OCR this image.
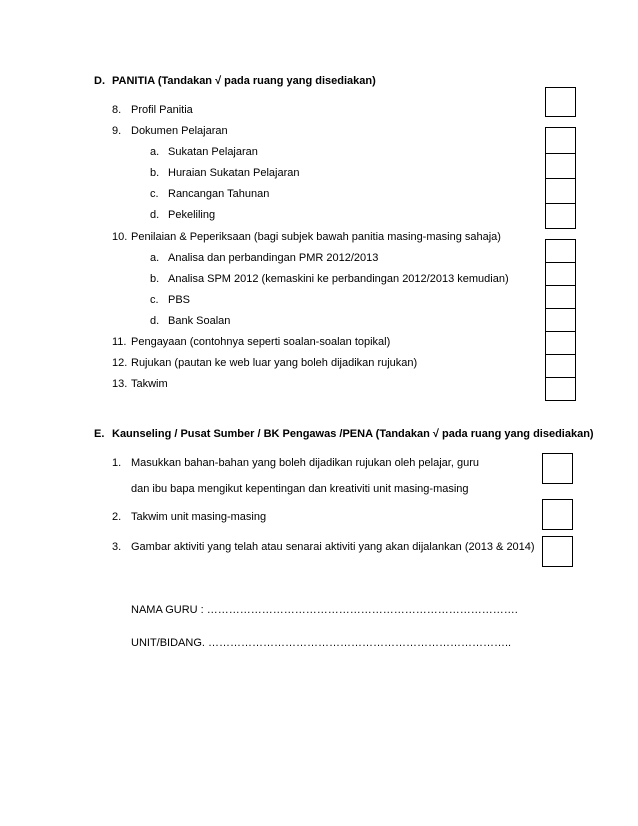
D. PANITIA (Tandakan √ pada ruang yang disediakan)
8. Profil Panitia
9. Dokumen Pelajaran
a. Sukatan Pelajaran
b. Huraian Sukatan Pelajaran
c. Rancangan Tahunan
d. Pekeliling
10. Penilaian & Peperiksaan (bagi subjek bawah panitia masing-masing sahaja)
a. Analisa dan perbandingan PMR 2012/2013
b. Analisa SPM 2012 (kemaskini ke perbandingan 2012/2013 kemudian)
c. PBS
d. Bank Soalan
11. Pengayaan (contohnya seperti soalan-soalan topikal)
12. Rujukan (pautan ke web luar yang boleh dijadikan rujukan)
13. Takwim
E. Kaunseling / Pusat Sumber / BK Pengawas /PENA (Tandakan √ pada ruang yang disediakan)
1. Masukkan bahan-bahan yang boleh dijadikan rujukan oleh pelajar, guru
dan ibu bapa mengikut kepentingan dan kreativiti unit masing-masing
2. Takwim unit masing-masing
3. Gambar aktiviti yang telah atau senarai aktiviti yang akan dijalankan (2013 & 2014)
NAMA GURU : ………………………………………………………………………….
UNIT/BIDANG. ………………………………………………………………………..
